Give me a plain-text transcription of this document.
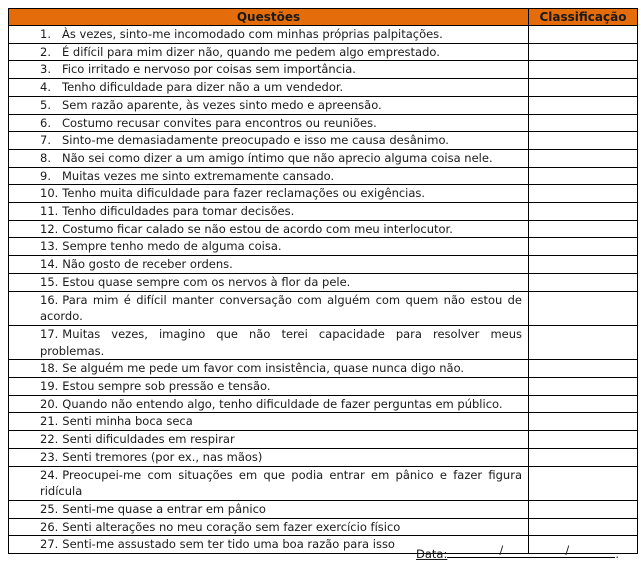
Questões	Classificação
1. Às vezes, sinto-me incomodado com minhas próprias palpitações.	
2. É difícil para mim dizer não, quando me pedem algo emprestado.	
3. Fico irritado e nervoso por coisas sem importância.	
4. Tenho dificuldade para dizer não a um vendedor.	
5. Sem razão aparente, às vezes sinto medo e apreensão.	
6. Costumo recusar convites para encontros ou reuniões.	
7. Sinto-me demasiadamente preocupado e isso me causa desânimo.	
8. Não sei como dizer a um amigo íntimo que não aprecio alguma coisa nele.	
9. Muitas vezes me sinto extremamente cansado.	
10. Tenho muita dificuldade para fazer reclamações ou exigências.	
11. Tenho dificuldades para tomar decisões.	
12. Costumo ficar calado se não estou de acordo com meu interlocutor.	
13. Sempre tenho medo de alguma coisa.	
14. Não gosto de receber ordens.	
15. Estou quase sempre com os nervos à flor da pele.	
16. Para mim é difícil manter conversação com alguém com quem não estou de acordo.	
17. Muitas vezes, imagino que não terei capacidade para resolver meus problemas.	
18. Se alguém me pede um favor com insistência, quase nunca digo não.	
19. Estou sempre sob pressão e tensão.	
20. Quando não entendo algo, tenho dificuldade de fazer perguntas em público.	
21. Senti minha boca seca	
22. Senti dificuldades em respirar	
23. Senti tremores (por ex., nas mãos)	
24. Preocupei-me com situações em que podia entrar em pânico e fazer figura ridícula	
25. Senti-me quase a entrar em pânico	
26. Senti alterações no meu coração sem fazer exercício físico	
27. Senti-me assustado sem ter tido uma boa razão para isso	
Data:	/	/	.
